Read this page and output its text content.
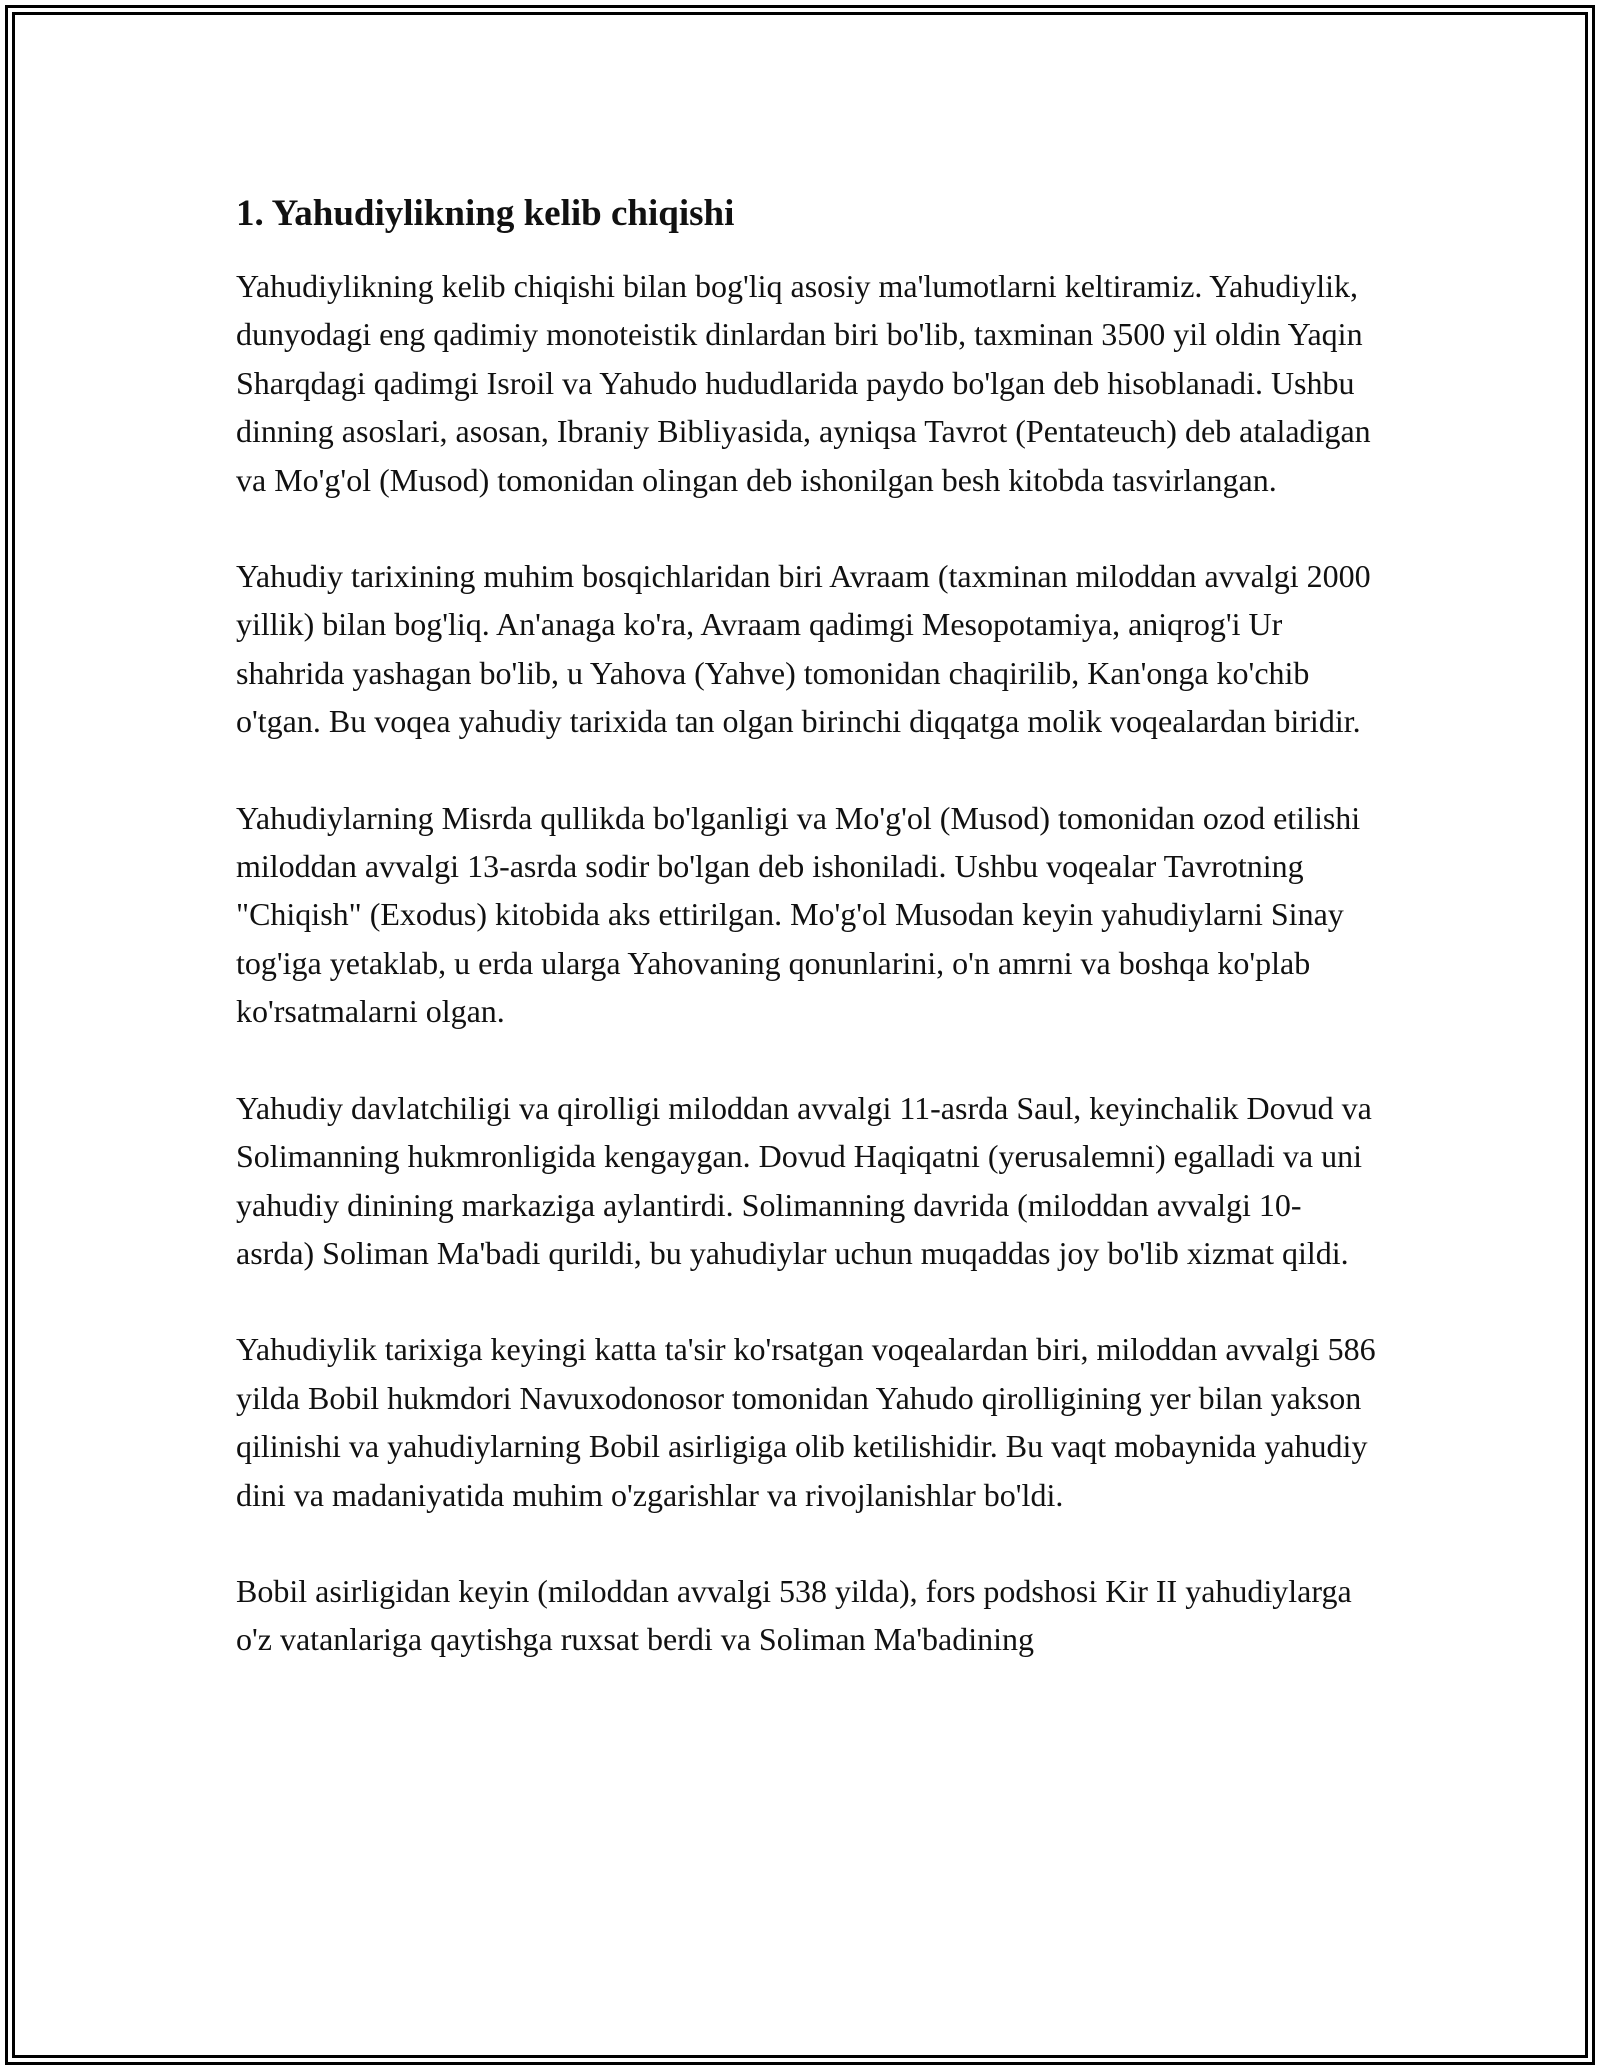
1. Yahudiylikning kelib chiqishi

Yahudiylikning kelib chiqishi bilan bog'liq asosiy ma'lumotlarni keltiramiz. Yahudiylik, dunyodagi eng qadimiy monoteistik dinlardan biri bo'lib, taxminan 3500 yil oldin Yaqin Sharqdagi qadimgi Isroil va Yahudo hududlarida paydo bo'lgan deb hisoblanadi. Ushbu dinning asoslari, asosan, Ibraniy Bibliyasida, ayniqsa Tavrot (Pentateuch) deb ataladigan va Mo'g'ol (Musod) tomonidan olingan deb ishonilgan besh kitobda tasvirlangan.

Yahudiy tarixining muhim bosqichlaridan biri Avraam (taxminan miloddan avvalgi 2000 yillik) bilan bog'liq. An'anaga ko'ra, Avraam qadimgi Mesopotamiya, aniqrog'i Ur shahrida yashagan bo'lib, u Yahova (Yahve) tomonidan chaqirilib, Kan'onga ko'chib o'tgan. Bu voqea yahudiy tarixida tan olgan birinchi diqqatga molik voqealardan biridir.

Yahudiylarning Misrda qullikda bo'lganligi va Mo'g'ol (Musod) tomonidan ozod etilishi miloddan avvalgi 13-asrda sodir bo'lgan deb ishoniladi. Ushbu voqealar Tavrotning "Chiqish" (Exodus) kitobida aks ettirilgan. Mo'g'ol Musodan keyin yahudiylarni Sinay tog'iga yetaklab, u erda ularga Yahovaning qonunlarini, o'n amrni va boshqa ko'plab ko'rsatmalarni olgan.

Yahudiy davlatchiligi va qirolligi miloddan avvalgi 11-asrda Saul, keyinchalik Dovud va Solimanning hukmronligida kengaygan. Dovud Haqiqatni (yerusalemni) egalladi va uni yahudiy dinining markaziga aylantirdi. Solimanning davrida (miloddan avvalgi 10-asrda) Soliman Ma'badi qurildi, bu yahudiylar uchun muqaddas joy bo'lib xizmat qildi.

Yahudiylik tarixiga keyingi katta ta'sir ko'rsatgan voqealardan biri, miloddan avvalgi 586 yilda Bobil hukmdori Navuxodonosor tomonidan Yahudo qirolligining yer bilan yakson qilinishi va yahudiylarning Bobil asirligiga olib ketilishidir. Bu vaqt mobaynida yahudiy dini va madaniyatida muhim o'zgarishlar va rivojlanishlar bo'ldi.

Bobil asirligidan keyin (miloddan avvalgi 538 yilda), fors podshosi Kir II yahudiylarga o'z vatanlariga qaytishga ruxsat berdi va Soliman Ma'badining
